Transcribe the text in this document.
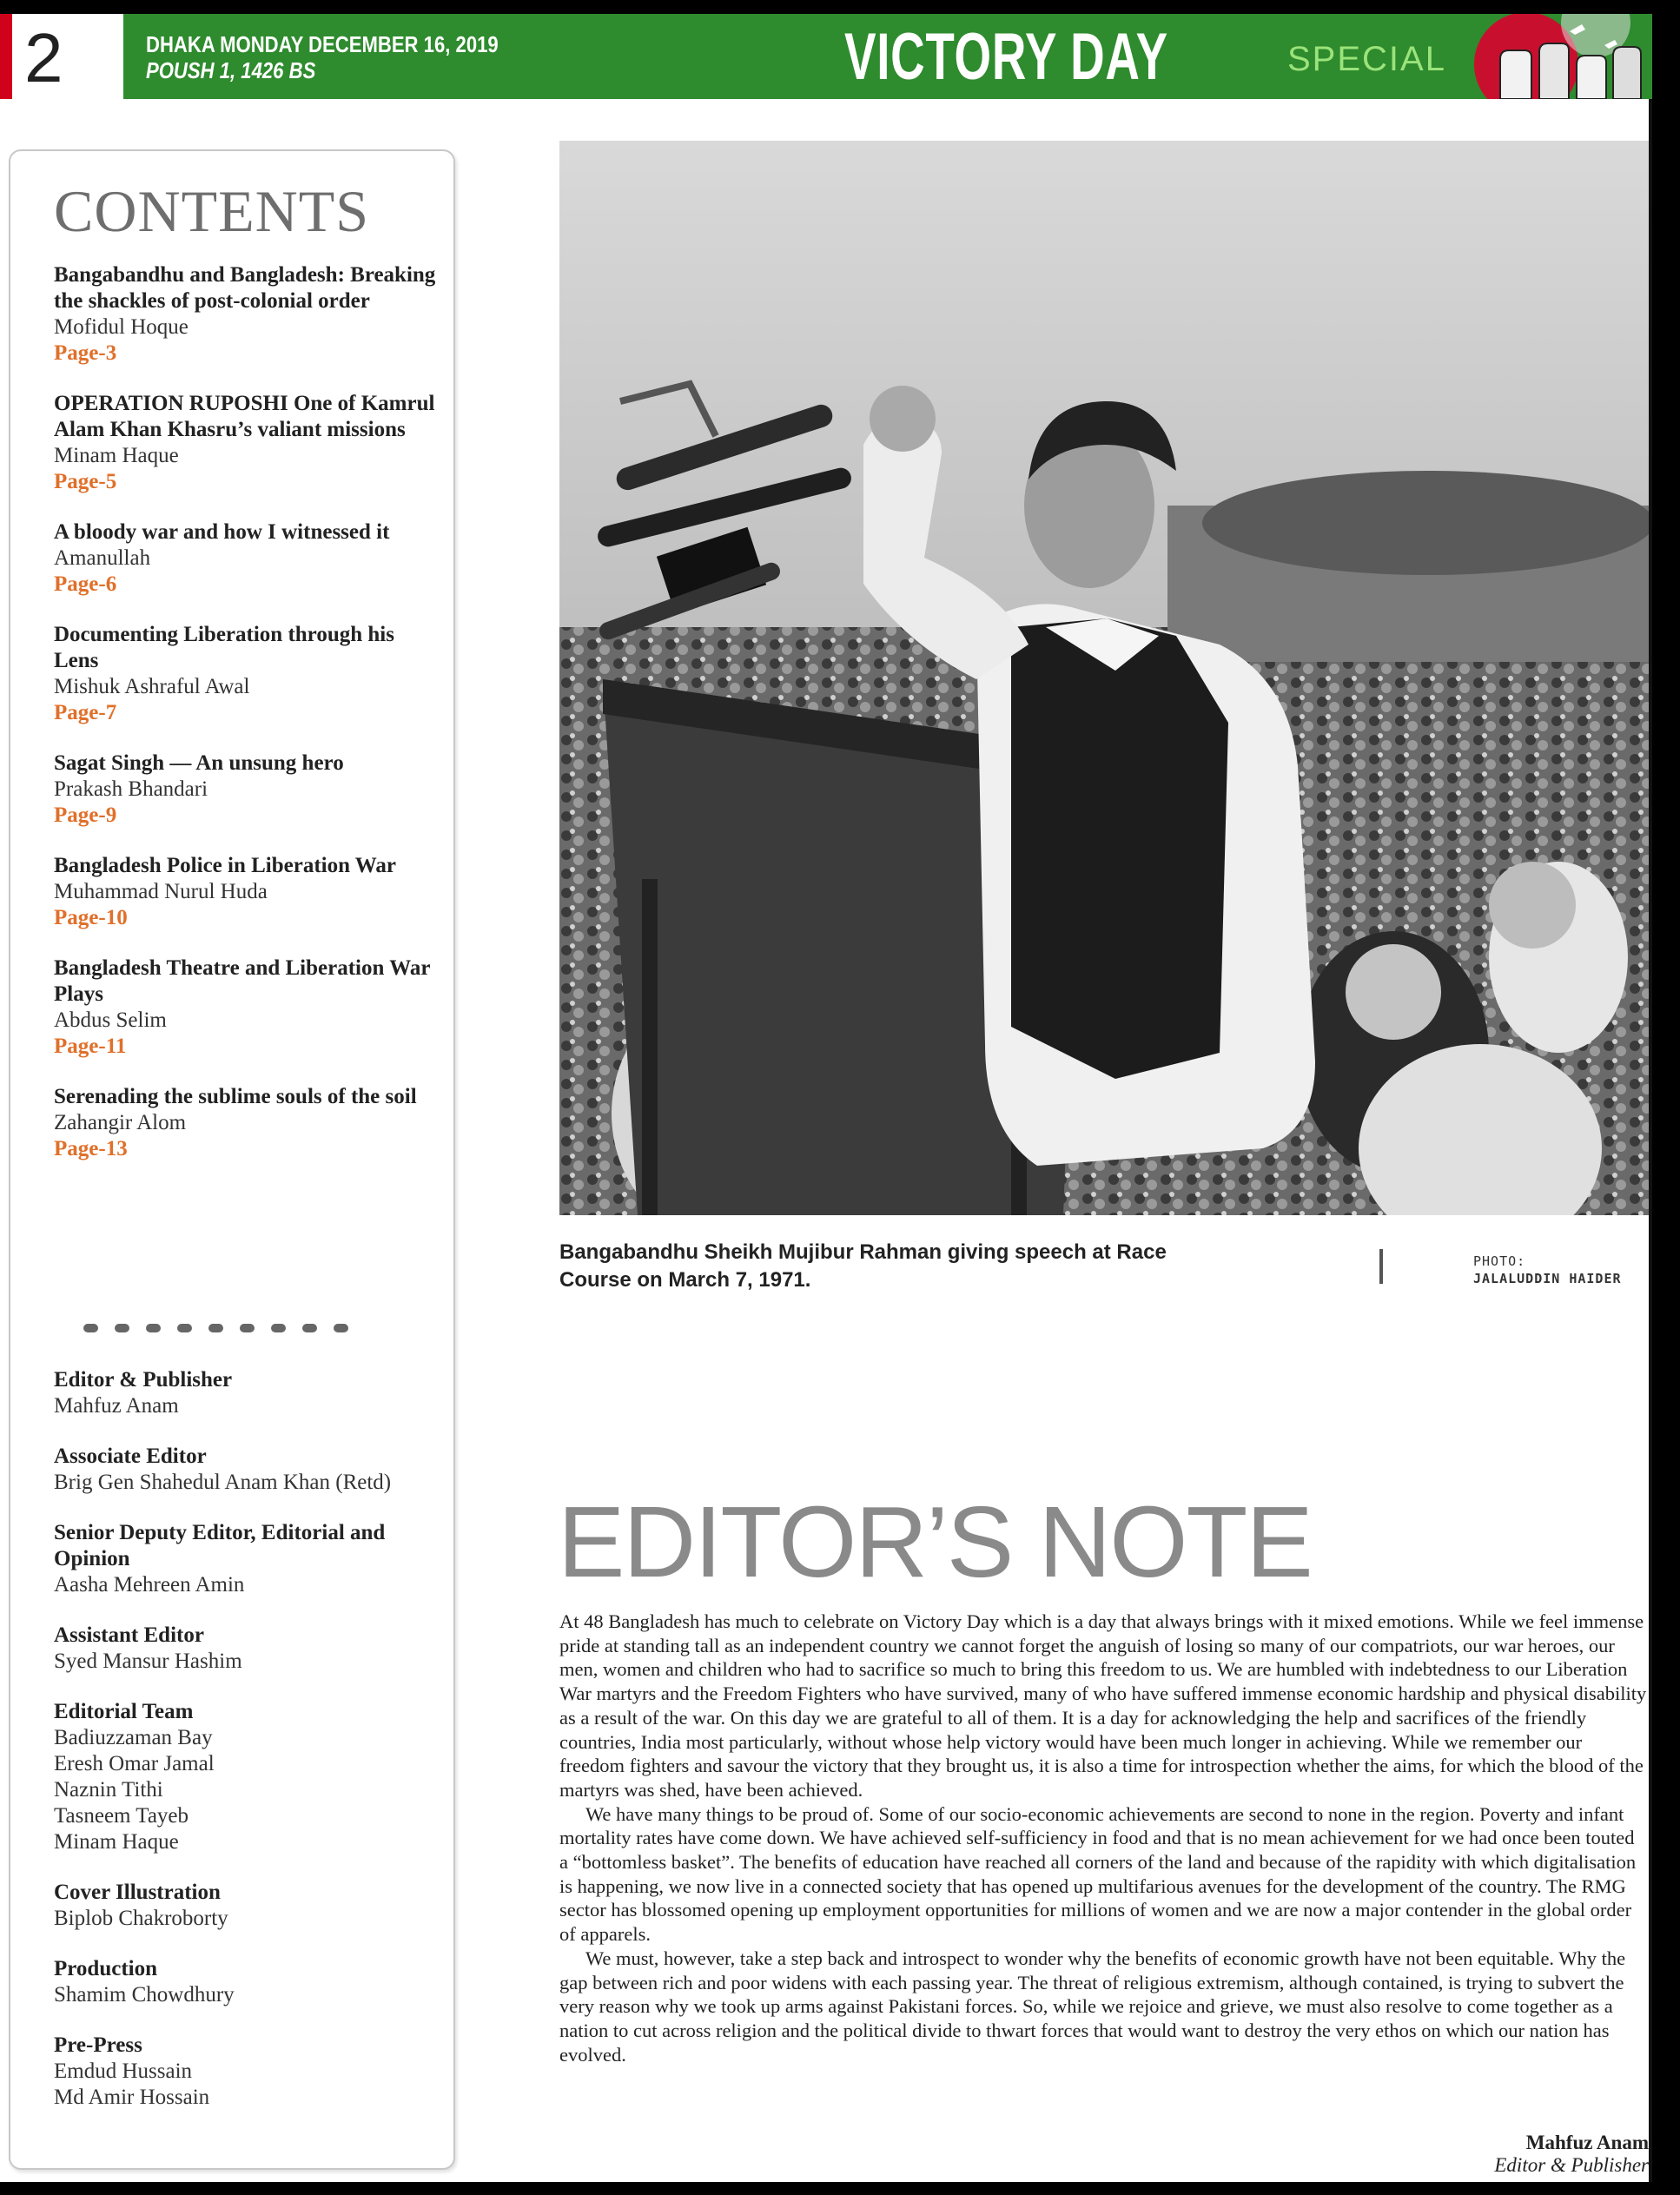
2	DHAKA MONDAY DECEMBER 16, 2019
POUSH 1, 1426 BS	VICTORY DAY	SPECIAL
CONTENTS
Bangabandhu and Bangladesh: Breaking the shackles of post-colonial order
Mofidul Hoque
Page-3
OPERATION RUPOSHI One of Kamrul Alam Khan Khasru’s valiant missions
Minam Haque
Page-5
A bloody war and how I witnessed it
Amanullah
Page-6
Documenting Liberation through his Lens
Mishuk Ashraful Awal
Page-7
Sagat Singh — An unsung hero
Prakash Bhandari
Page-9
Bangladesh Police in Liberation War
Muhammad Nurul Huda
Page-10
Bangladesh Theatre and Liberation War Plays
Abdus Selim
Page-11
Serenading the sublime souls of the soil
Zahangir Alom
Page-13
Editor & Publisher
Mahfuz Anam
Associate Editor
Brig Gen Shahedul Anam Khan (Retd)
Senior Deputy Editor, Editorial and Opinion
Aasha Mehreen Amin
Assistant Editor
Syed Mansur Hashim
Editorial Team
Badiuzzaman Bay
Eresh Omar Jamal
Naznin Tithi
Tasneem Tayeb
Minam Haque
Cover Illustration
Biplob Chakroborty
Production
Shamim Chowdhury
Pre-Press
Emdud Hussain
Md Amir Hossain
Bangabandhu Sheikh Mujibur Rahman giving speech at Race Course on March 7, 1971.
PHOTO:
JALALUDDIN HAIDER
EDITOR’S NOTE

At 48 Bangladesh has much to celebrate on Victory Day which is a day that always brings with it mixed emotions. While we feel immense pride at standing tall as an independent country we cannot forget the anguish of losing so many of our compatriots, our war heroes, our men, women and children who had to sacrifice so much to bring this freedom to us. We are humbled with indebtedness to our Liberation War martyrs and the Freedom Fighters who have survived, many of who have suffered immense economic hardship and physical disability as a result of the war. On this day we are grateful to all of them. It is a day for acknowledging the help and sacrifices of the friendly countries, India most particularly, without whose help victory would have been much longer in achieving. While we remember our freedom fighters and savour the victory that they brought us, it is also a time for introspection whether the aims, for which the blood of the martyrs was shed, have been achieved.

We have many things to be proud of. Some of our socio-economic achievements are second to none in the region. Poverty and infant mortality rates have come down. We have achieved self-sufficiency in food and that is no mean achievement for we had once been touted a “bottomless basket”. The benefits of education have reached all corners of the land and because of the rapidity with which digitalisation is happening, we now live in a connected society that has opened up multifarious avenues for the development of the country. The RMG sector has blossomed opening up employment opportunities for millions of women and we are now a major contender in the global order of apparels.

We must, however, take a step back and introspect to wonder why the benefits of economic growth have not been equitable. Why the gap between rich and poor widens with each passing year. The threat of religious extremism, although contained, is trying to subvert the very reason why we took up arms against Pakistani forces. So, while we rejoice and grieve, we must also resolve to come together as a nation to cut across religion and the political divide to thwart forces that would want to destroy the very ethos on which our nation has evolved.

Mahfuz Anam
Editor & Publisher
